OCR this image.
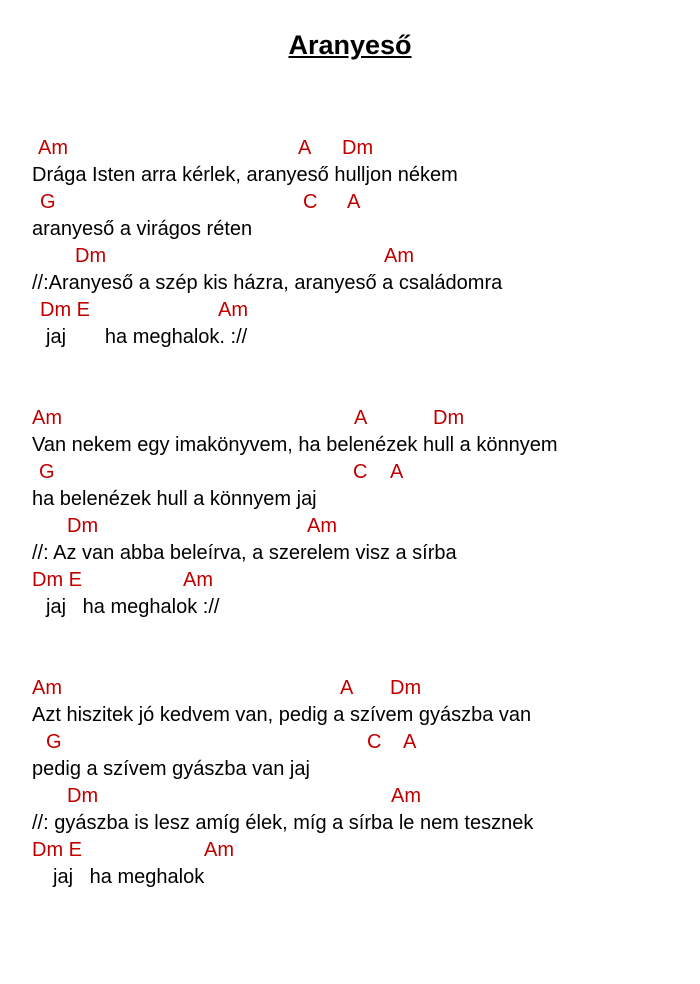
Aranyeső
Am	A Dm
Drága Isten arra kérlek, aranyeső hulljon nékem
G	C A
aranyeső a virágos réten
Dm	Am
//:Aranyeső a szép kis házra, aranyeső a családomra
Dm E	Am
jaj       ha meghalok. ://
Am	A	Dm
Van nekem egy imakönyvem, ha belenézek hull a könnyem
G	C A
ha belenézek hull a könnyem jaj
Dm	Am
//: Az van abba beleírva, a szerelem visz a sírba
Dm E	Am
jaj   ha meghalok ://
Am	A Dm
Azt hiszitek jó kedvem van, pedig a szívem gyászba van
G	C A
pedig a szívem gyászba van jaj
Dm	Am
//: gyászba is lesz amíg élek, míg a sírba le nem tesznek
Dm E	Am
jaj   ha meghalok
